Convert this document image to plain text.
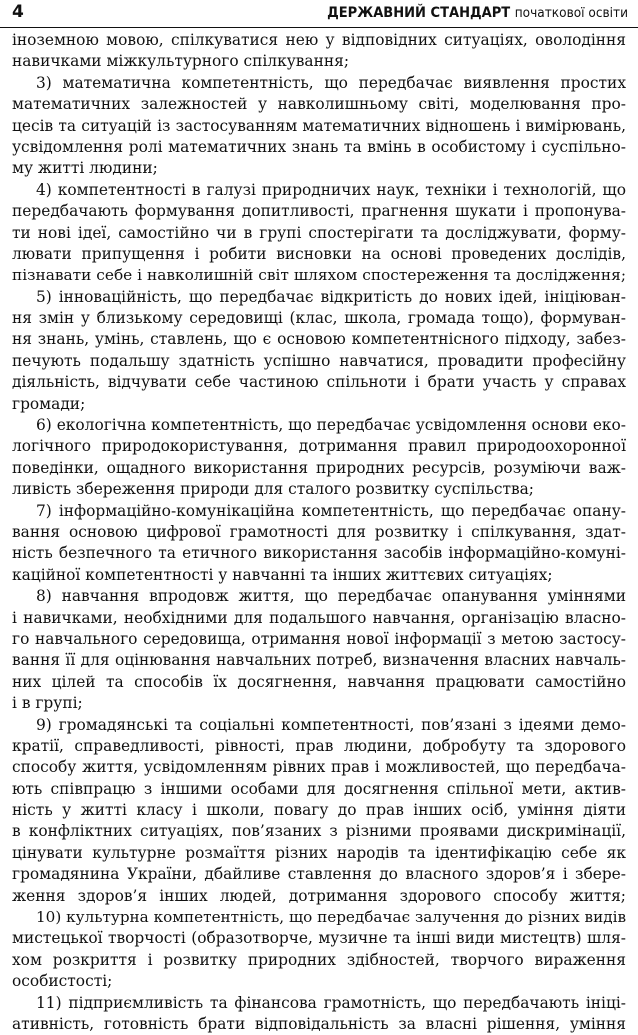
4	ДЕРЖАВНИЙ СТАНДАРТ початкової освіти
іноземною мовою, спілкуватися нею у відповідних ситуаціях, оволодіння
навичками міжкультурного спілкування;
3) математична компетентність, що передбачає виявлення простих
математичних залежностей у навколишньому світі, моделювання про-
цесів та ситуацій із застосуванням математичних відношень і вимірювань,
усвідомлення ролі математичних знань та вмінь в особистому і суспільно-
му житті людини;
4) компетентності в галузі природничих наук, техніки і технологій, що
передбачають формування допитливості, прагнення шукати і пропонува-
ти нові ідеї, самостійно чи в групі спостерігати та досліджувати, форму-
лювати припущення і робити висновки на основі проведених дослідів,
пізнавати себе і навколишній світ шляхом спостереження та дослідження;
5) інноваційність, що передбачає відкритість до нових ідей, ініціюван-
ня змін у близькому середовищі (клас, школа, громада тощо), формуван-
ня знань, умінь, ставлень, що є основою компетентнісного підходу, забез-
печують подальшу здатність успішно навчатися, провадити професійну
діяльність, відчувати себе частиною спільноти і брати участь у справах
громади;
6) екологічна компетентність, що передбачає усвідомлення основи еко-
логічного природокористування, дотримання правил природоохоронної
поведінки, ощадного використання природних ресурсів, розуміючи важ-
ливість збереження природи для сталого розвитку суспільства;
7) інформаційно-комунікаційна компетентність, що передбачає опану-
вання основою цифрової грамотності для розвитку і спілкування, здат-
ність безпечного та етичного використання засобів інформаційно-комуні-
каційної компетентності у навчанні та інших життєвих ситуаціях;
8) навчання впродовж життя, що передбачає опанування уміннями
і навичками, необхідними для подальшого навчання, організацію власно-
го навчального середовища, отримання нової інформації з метою застосу-
вання її для оцінювання навчальних потреб, визначення власних навчаль-
них цілей та способів їх досягнення, навчання працювати самостійно
і в групі;
9) громадянські та соціальні компетентності, пов’язані з ідеями демо-
кратії, справедливості, рівності, прав людини, добробуту та здорового
способу життя, усвідомленням рівних прав і можливостей, що передбача-
ють співпрацю з іншими особами для досягнення спільної мети, актив-
ність у житті класу і школи, повагу до прав інших осіб, уміння діяти
в конфліктних ситуаціях, пов’язаних з різними проявами дискримінації,
цінувати культурне розмаїття різних народів та ідентифікацію себе як
громадянина України, дбайливе ставлення до власного здоров’я і збере-
ження здоров’я інших людей, дотримання здорового способу життя;
10) культурна компетентність, що передбачає залучення до різних видів
мистецької творчості (образотворче, музичне та інші види мистецтв) шля-
хом розкриття і розвитку природних здібностей, творчого вираження
особистості;
11) підприємливість та фінансова грамотність, що передбачають ініці-
ативність, готовність брати відповідальність за власні рішення, уміння
